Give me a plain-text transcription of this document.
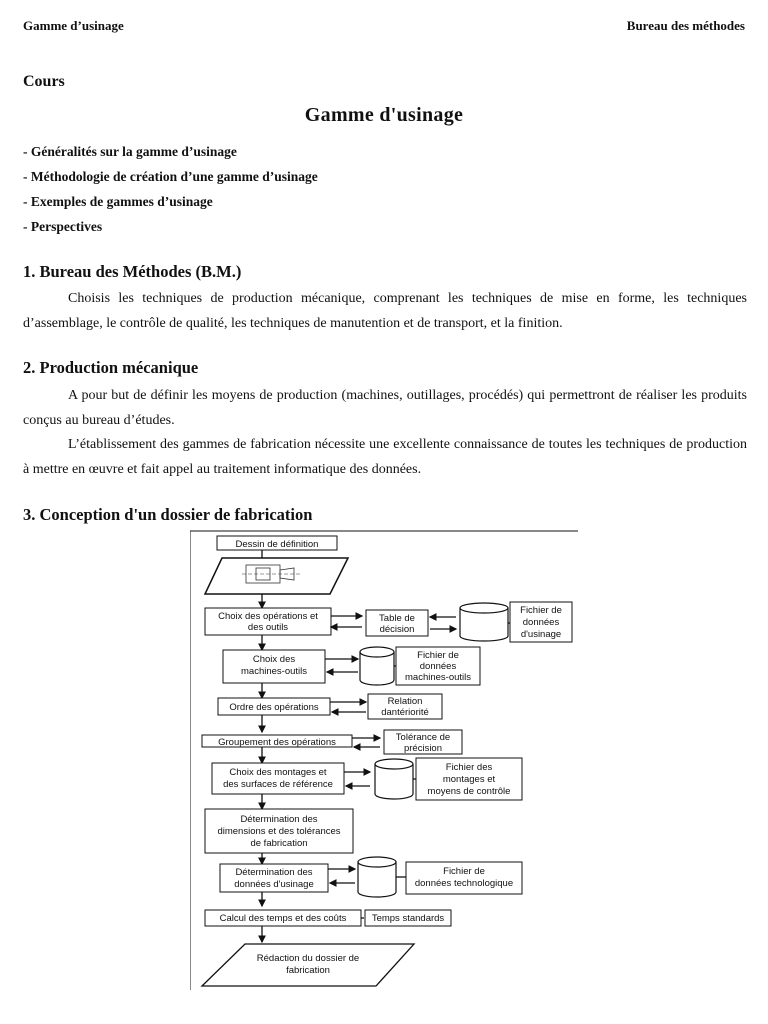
Gamme d’usinage	Bureau des méthodes
Cours
Gamme d'usinage
- Généralités sur la gamme d’usinage
- Méthodologie de création d’une gamme d’usinage
- Exemples de gammes d’usinage
- Perspectives
1. Bureau des Méthodes (B.M.)

Choisis les techniques de production mécanique, comprenant les techniques de mise en forme, les techniques d’assemblage, le contrôle de qualité, les techniques de manutention et de transport, et la finition.

2. Production mécanique

A pour but de définir les moyens de production (machines, outillages, procédés) qui permettront de réaliser les produits conçus au bureau d’études.

L’établissement des gammes de fabrication nécessite une excellente connaissance de toutes les techniques de production à mettre en œuvre et fait appel au traitement informatique des données.

3. Conception d'un dossier de fabrication
Dessin de définition
Choix des opérations et
des outils
Table de
décision
Fichier de
données
d'usinage
Choix des
machines-outils
Fichier de
données
machines-outils
Ordre des opérations
Relation
dantériorité
Groupement des opérations	Tolérance de
précision
Choix des montages et
des surfaces de référence
Fichier des
montages et
moyens de contrôle
Détermination des
dimensions et des tolérances
de fabrication
Détermination des
données d'usinage
Fichier de
données technologique
Calcul des temps et des coûts	Temps standards
Rédaction du dossier de
fabrication
